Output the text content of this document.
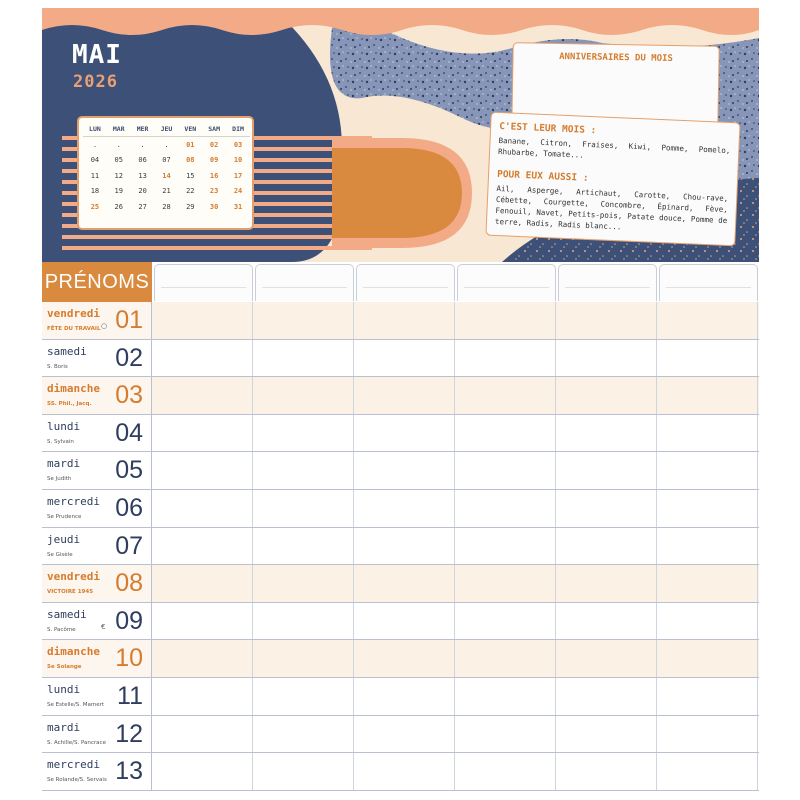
MAI
2026
LUN	MAR	MER	JEU	VEN	SAM	DIM
.	.	.	.	01	02	03
04	05	06	07	08	09	10
11	12	13	14	15	16	17
18	19	20	21	22	23	24
25	26	27	28	29	30	31
ANNIVERSAIRES DU MOIS
C'EST LEUR MOIS :
Banane, Citron, Fraises, Kiwi, Pomme, Pomelo, Rhubarbe, Tomate...
POUR EUX AUSSI :
Ail, Asperge, Artichaut, Carotte, Chou-rave, Cébette, Courgette, Concombre, Épinard, Fève, Fenouil, Navet, Petits-pois, Patate douce, Pomme de terre, Radis, Radis blanc...
PRÉNOMS
vendredi
FÊTE DU TRAVAIL 01
○
samedi
S. Boris 02
dimanche
SS. Phil., Jacq. 03
lundi
S. Sylvain 04
mardi
Se Judith 05
mercredi
Se Prudence 06
jeudi
Se Gisèle 07
vendredi
VICTOIRE 1945 08
samedi
S. Pacôme 09
€
dimanche
Se Solange 10
lundi
Se Estelle/S. Mamert 11
mardi
S. Achille/S. Pancrace 12
mercredi
Se Rolande/S. Servais 13
